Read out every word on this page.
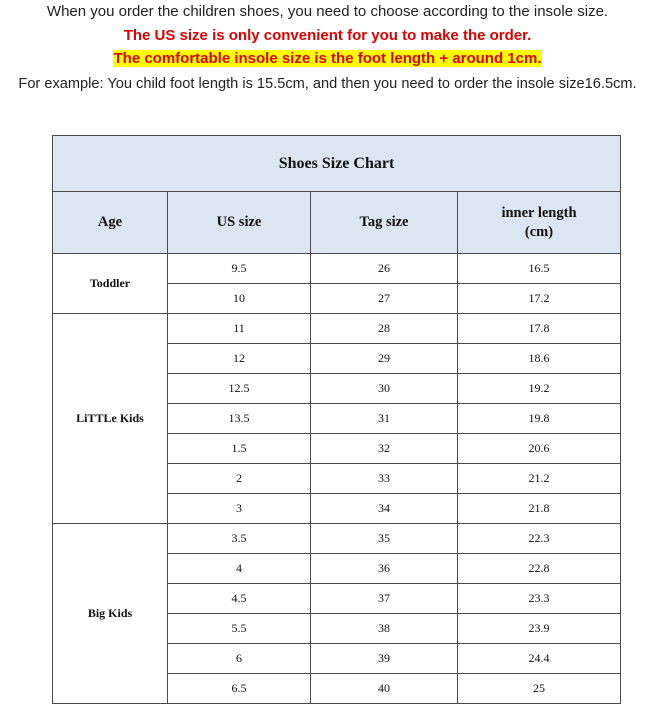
When you order the children shoes, you need to choose according to the insole size.
The US size is only convenient for you to make the order.
The comfortable insole size is the foot length + around 1cm.
For example: You child foot length is 15.5cm, and then you need to order the insole size16.5cm.
Shoes Size Chart			
Age	US size	Tag size	inner length
(cm)
Toddler	9.5	26	16.5
	10	27	17.2
LiTTLe Kids	11	28	17.8
	12	29	18.6
	12.5	30	19.2
	13.5	31	19.8
	1.5	32	20.6
	2	33	21.2
	3	34	21.8
Big Kids	3.5	35	22.3
	4	36	22.8
	4.5	37	23.3
	5.5	38	23.9
	6	39	24.4
	6.5	40	25
